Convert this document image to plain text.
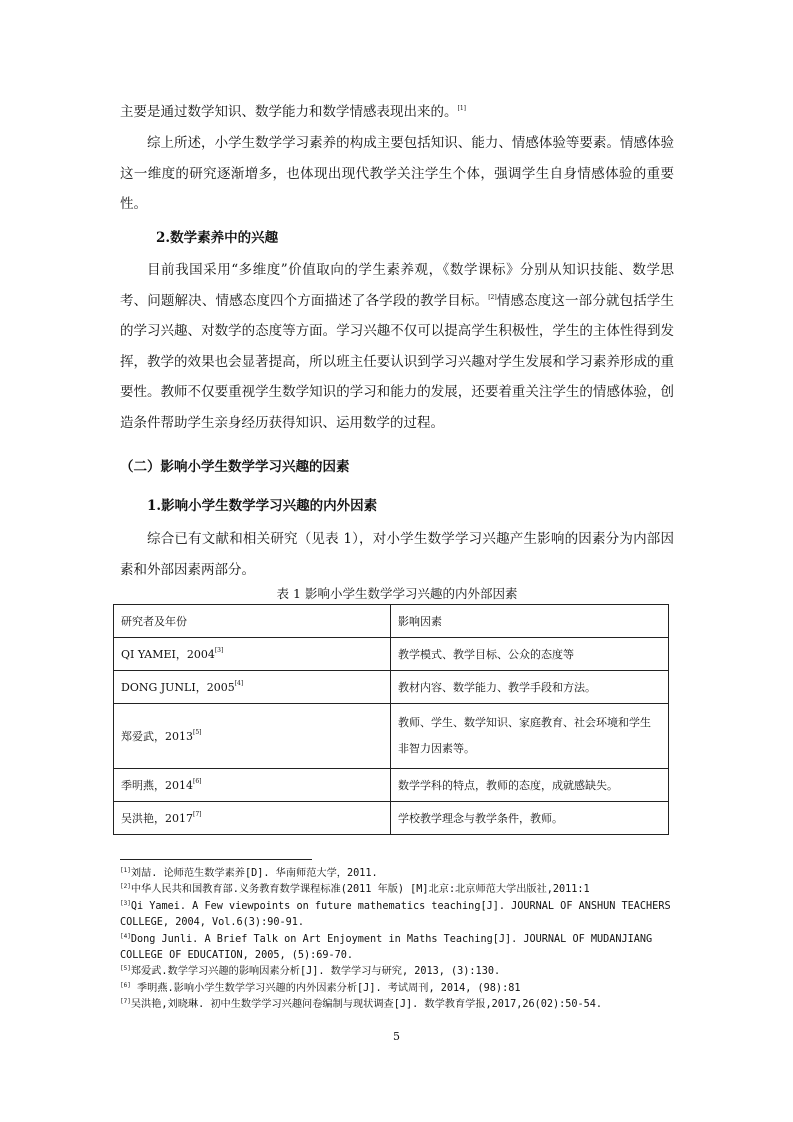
主要是通过数学知识、数学能力和数学情感表现出来的。[1]

综上所述，小学生数学学习素养的构成主要包括知识、能力、情感体验等要素。情感体验这一维度的研究逐渐增多，也体现出现代教学关注学生个体，强调学生自身情感体验的重要性。

2.数学素养中的兴趣

目前我国采用“多维度”价值取向的学生素养观，《数学课标》分别从知识技能、数学思考、问题解决、情感态度四个方面描述了各学段的教学目标。[2]情感态度这一部分就包括学生的学习兴趣、对数学的态度等方面。学习兴趣不仅可以提高学生积极性，学生的主体性得到发挥，教学的效果也会显著提高，所以班主任要认识到学习兴趣对学生发展和学习素养形成的重要性。教师不仅要重视学生数学知识的学习和能力的发展，还要着重关注学生的情感体验，创造条件帮助学生亲身经历获得知识、运用数学的过程。

（二）影响小学生数学学习兴趣的因素
1.影响小学生数学学习兴趣的内外因素

综合已有文献和相关研究（见表 1），对小学生数学学习兴趣产生影响的因素分为内部因素和外部因素两部分。

表 1 影响小学生数学学习兴趣的内外部因素

研究者及年份	影响因素
QI YAMEI，2004[3]	教学模式、教学目标、公众的态度等
DONG JUNLI，2005[4]	教材内容、数学能力、教学手段和方法。
郑爱武，2013[5]	教师、学生、数学知识、家庭教育、社会环境和学生非智力因素等。
季明燕，2014[6]	数学学科的特点，教师的态度，成就感缺失。
吴洪艳，2017[7]	学校教学理念与教学条件，教师。

[1]刘喆. 论师范生数学素养[D]. 华南师范大学，2011.

[2]中华人民共和国教育部.义务教育数学课程标准(2011 年版) [M]北京:北京师范大学出版社,2011:1

[3]Qi Yamei. A Few viewpoints on future mathematics teaching[J]. JOURNAL OF ANSHUN TEACHERS COLLEGE, 2004, Vol.6(3):90-91.

[4]Dong Junli. A Brief Talk on Art Enjoyment in Maths Teaching[J]. JOURNAL OF MUDANJIANG COLLEGE OF EDUCATION, 2005, (5):69-70.

[5]郑爱武.数学学习兴趣的影响因素分析[J]. 数学学习与研究, 2013, (3):130.

[6] 季明燕.影响小学生数学学习兴趣的内外因素分析[J]. 考试周刊, 2014, (98):81

[7]吴洪艳,刘晓琳. 初中生数学学习兴趣问卷编制与现状调查[J]. 数学教育学报,2017,26(02):50-54.

5
